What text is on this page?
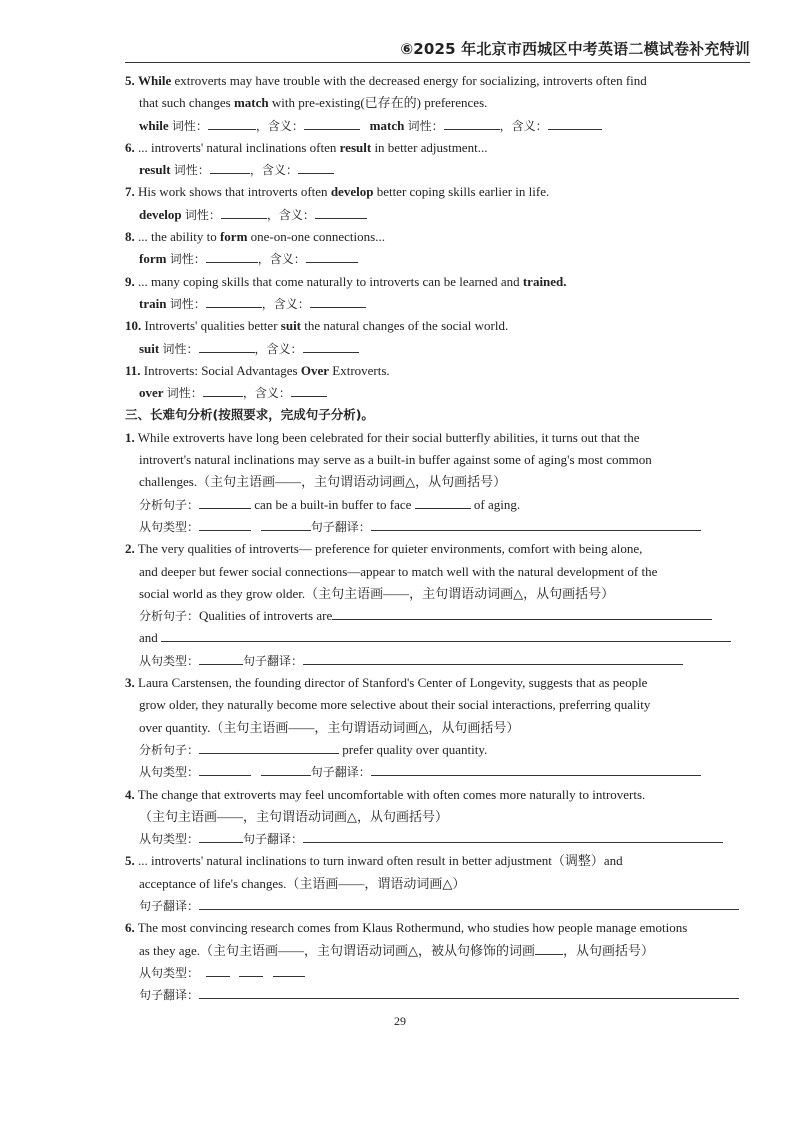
⑥2025 年北京市西城区中考英语二模试卷补充特训
5. While extroverts may have trouble with the decreased energy for socializing, introverts often find
that such changes match with pre-existing(已存在的) preferences.
while 词性：	，含义：	match 词性：	，含义：
6. ... introverts' natural inclinations often result in better adjustment...
result 词性：	，含义：
7. His work shows that introverts often develop better coping skills earlier in life.
develop 词性：	，含义：
8. ... the ability to form one-on-one connections...
form 词性：	，含义：
9. ... many coping skills that come naturally to introverts can be learned and trained.
train 词性：	，含义：
10. Introverts' qualities better suit the natural changes of the social world.
suit 词性：	，含义：
11. Introverts: Social Advantages Over Extroverts.
over 词性：	，含义：
三、长难句分析(按照要求，完成句子分析)。
1. While extroverts have long been celebrated for their social butterfly abilities, it turns out that the
introvert's natural inclinations may serve as a built-in buffer against some of aging's most common
challenges.（主句主语画——，主句谓语动词画△，从句画括号）
分析句子：	can be a built-in buffer to face	of aging.
从句类型：	句子翻译：
2. The very qualities of introverts— preference for quieter environments, comfort with being alone,
and deeper but fewer social connections—appear to match well with the natural development of the
social world as they grow older.（主句主语画——，主句谓语动词画△，从句画括号）
分析句子：Qualities of introverts are
and
从句类型：	句子翻译：
3. Laura Carstensen, the founding director of Stanford's Center of Longevity, suggests that as people
grow older, they naturally become more selective about their social interactions, preferring quality
over quantity.（主句主语画——，主句谓语动词画△，从句画括号）
分析句子：	prefer quality over quantity.
从句类型：	句子翻译：
4. The change that extroverts may feel uncomfortable with often comes more naturally to introverts.
（主句主语画——，主句谓语动词画△，从句画括号）
从句类型：	句子翻译：
5. ... introverts' natural inclinations to turn inward often result in better adjustment（调整）and
acceptance of life's changes.（主语画——，谓语动词画△）
句子翻译：
6. The most convincing research comes from Klaus Rothermund, who studies how people manage emotions
as they age.（主句主语画——，主句谓语动词画△，被从句修饰的词画 ，从句画括号）
从句类型：
句子翻译：
29
